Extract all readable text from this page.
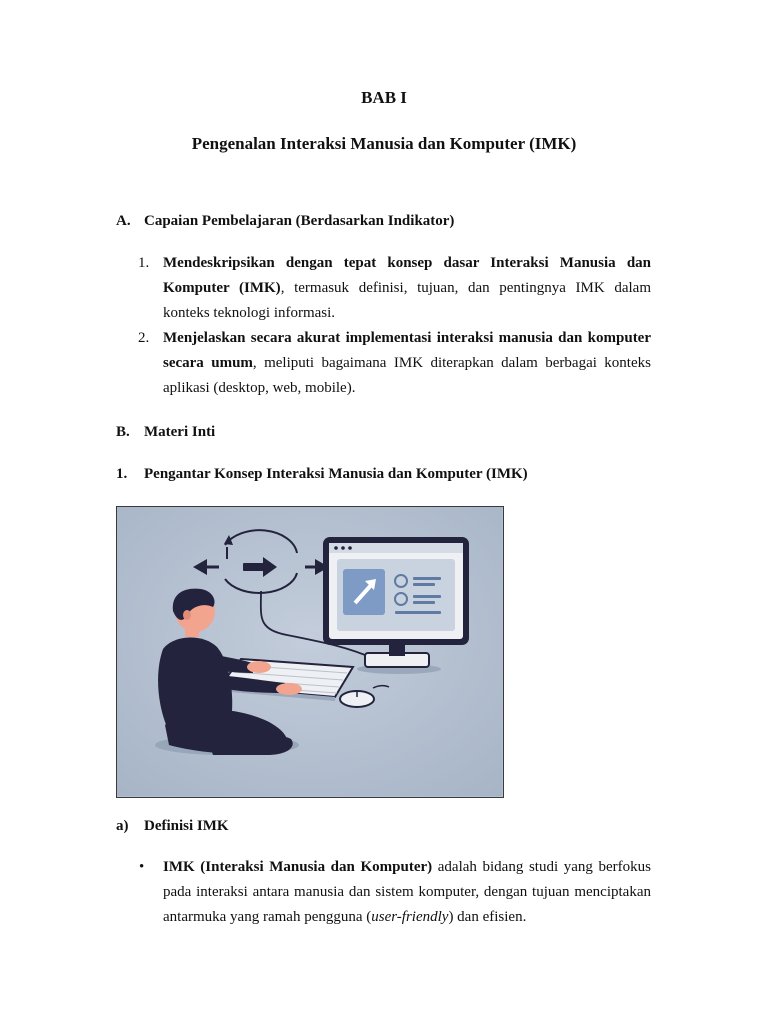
BAB I

Pengenalan Interaksi Manusia dan Komputer (IMK)

A. Capaian Pembelajaran (Berdasarkan Indikator)
1. Mendeskripsikan dengan tepat konsep dasar Interaksi Manusia dan Komputer (IMK), termasuk definisi, tujuan, dan pentingnya IMK dalam konteks teknologi informasi.
2. Menjelaskan secara akurat implementasi interaksi manusia dan komputer secara umum, meliputi bagaimana IMK diterapkan dalam berbagai konteks aplikasi (desktop, web, mobile).
B. Materi Inti
1.	Pengantar Konsep Interaksi Manusia dan Komputer (IMK)
a)	Definisi IMK
• IMK (Interaksi Manusia dan Komputer) adalah bidang studi yang berfokus pada interaksi antara manusia dan sistem komputer, dengan tujuan menciptakan antarmuka yang ramah pengguna (user-friendly) dan efisien.
